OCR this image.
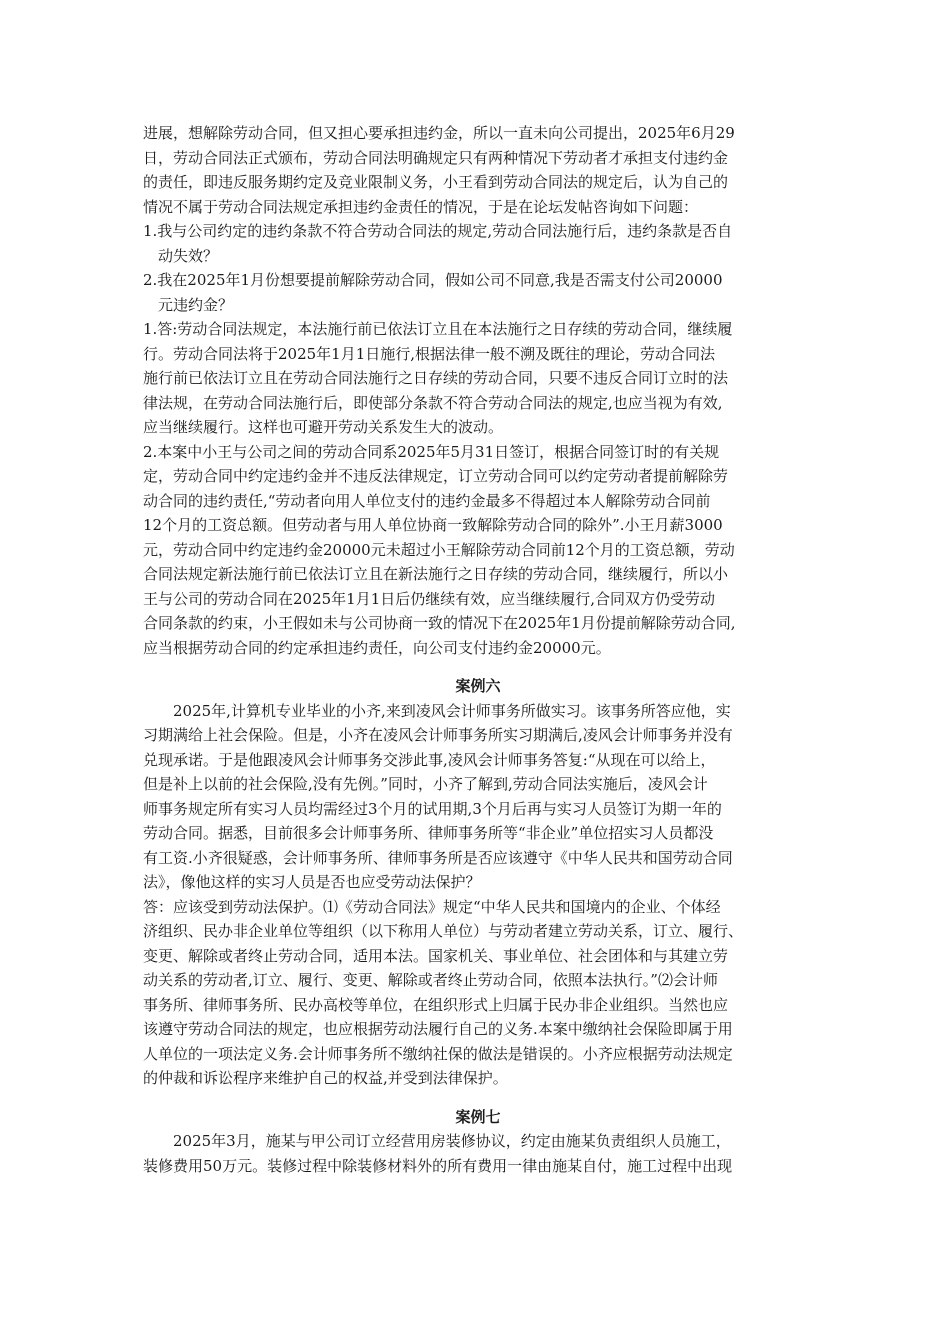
进展，想解除劳动合同，但又担心要承担违约金，所以一直未向公司提出，2025年6月29
日，劳动合同法正式颁布，劳动合同法明确规定只有两种情况下劳动者才承担支付违约金
的责任，即违反服务期约定及竞业限制义务，小王看到劳动合同法的规定后，认为自己的
情况不属于劳动合同法规定承担违约金责任的情况，于是在论坛发帖咨询如下问题：
1.我与公司约定的违约条款不符合劳动合同法的规定,劳动合同法施行后，违约条款是否自
动失效？
2.我在2025年1月份想要提前解除劳动合同，假如公司不同意,我是否需支付公司20000
元违约金？
1.答:劳动合同法规定，本法施行前已依法订立且在本法施行之日存续的劳动合同，继续履
行。劳动合同法将于2025年1月1日施行,根据法律一般不溯及既往的理论，劳动合同法
施行前已依法订立且在劳动合同法施行之日存续的劳动合同，只要不违反合同订立时的法
律法规，在劳动合同法施行后，即使部分条款不符合劳动合同法的规定,也应当视为有效,
应当继续履行。这样也可避开劳动关系发生大的波动。
2.本案中小王与公司之间的劳动合同系2025年5月31日签订，根据合同签订时的有关规
定，劳动合同中约定违约金并不违反法律规定，订立劳动合同可以约定劳动者提前解除劳
动合同的违约责任,“劳动者向用人单位支付的违约金最多不得超过本人解除劳动合同前
12个月的工资总额。但劳动者与用人单位协商一致解除劳动合同的除外”.小王月薪3000
元，劳动合同中约定违约金20000元未超过小王解除劳动合同前12个月的工资总额，劳动
合同法规定新法施行前已依法订立且在新法施行之日存续的劳动合同，继续履行，所以小
王与公司的劳动合同在2025年1月1日后仍继续有效，应当继续履行,合同双方仍受劳动
合同条款的约束，小王假如未与公司协商一致的情况下在2025年1月份提前解除劳动合同,
应当根据劳动合同的约定承担违约责任，向公司支付违约金20000元。
案例六
2025年,计算机专业毕业的小齐,来到凌风会计师事务所做实习。该事务所答应他，实
习期满给上社会保险。但是，小齐在凌风会计师事务所实习期满后,凌风会计师事务并没有
兑现承诺。于是他跟凌风会计师事务交涉此事,凌风会计师事务答复:“从现在可以给上，
但是补上以前的社会保险,没有先例。”同时，小齐了解到,劳动合同法实施后，凌风会计
师事务规定所有实习人员均需经过3个月的试用期,3个月后再与实习人员签订为期一年的
劳动合同。据悉，目前很多会计师事务所、律师事务所等“非企业”单位招实习人员都没
有工资.小齐很疑惑，会计师事务所、律师事务所是否应该遵守《中华人民共和国劳动合同
法》，像他这样的实习人员是否也应受劳动法保护？
答：应该受到劳动法保护。⑴《劳动合同法》规定“中华人民共和国境内的企业、个体经
济组织、民办非企业单位等组织（以下称用人单位）与劳动者建立劳动关系，订立、履行、
变更、解除或者终止劳动合同，适用本法。国家机关、事业单位、社会团体和与其建立劳
动关系的劳动者,订立、履行、变更、解除或者终止劳动合同，依照本法执行。”⑵会计师
事务所、律师事务所、民办高校等单位，在组织形式上归属于民办非企业组织。当然也应
该遵守劳动合同法的规定，也应根据劳动法履行自己的义务.本案中缴纳社会保险即属于用
人单位的一项法定义务.会计师事务所不缴纳社保的做法是错误的。小齐应根据劳动法规定
的仲裁和诉讼程序来维护自己的权益,并受到法律保护。
案例七
2025年3月，施某与甲公司订立经营用房装修协议，约定由施某负责组织人员施工，
装修费用50万元。装修过程中除装修材料外的所有费用一律由施某自付，施工过程中出现
